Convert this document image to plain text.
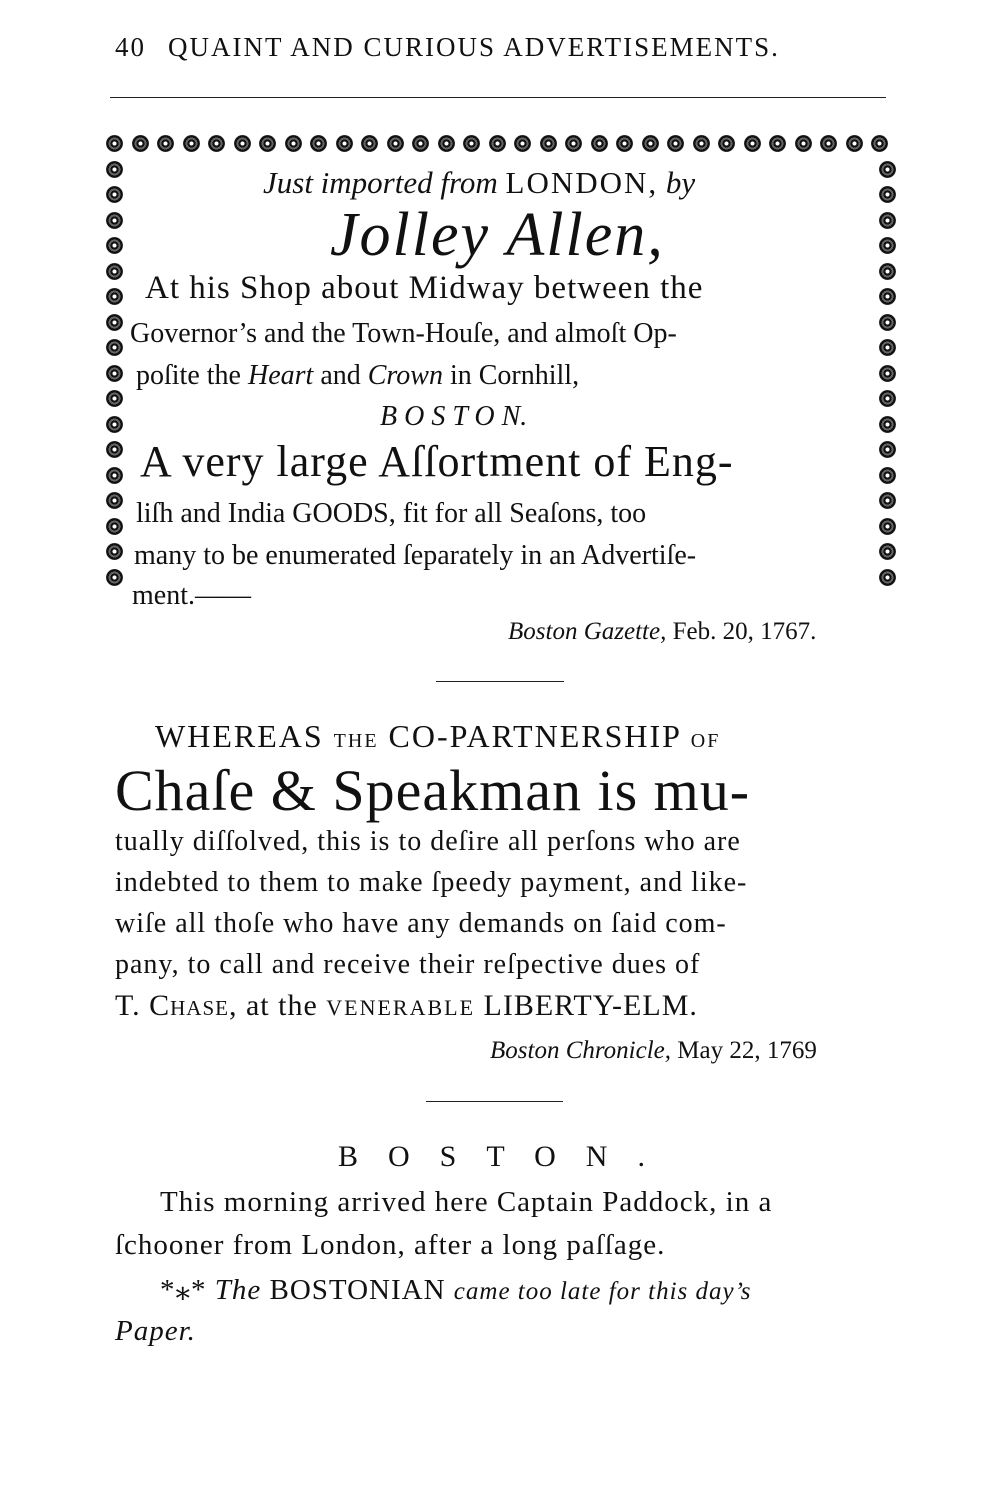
40 QUAINT AND CURIOUS ADVERTISEMENTS.
Just imported from LONDON, by
Jolley Allen,
At his Shop about Midway between the
Governor’s and the Town-Houſe, and almoſt Op-
poſite the Heart and Crown in Cornhill,
B O S T O N.
A very large Aſſortment of Eng-
liſh and India GOODS, fit for all Seaſons, too
many to be enumerated ſeparately in an Advertiſe-
ment.——
Boston Gazette, Feb. 20, 1767.
WHEREAS THE CO-PARTNERSHIP OF
Chaſe & Speakman is mu-
tually diſſolved, this is to deſire all perſons who are
indebted to them to make ſpeedy payment, and like-
wiſe all thoſe who have any demands on ſaid com-
pany, to call and receive their reſpective dues of
T. Chase, at the VENERABLE LIBERTY-ELM.
Boston Chronicle, May 22, 1769
BOSTON.
This morning arrived here Captain Paddock, in a
ſchooner from London, after a long paſſage.
*⁎* The BOSTONIAN came too late for this day’s
Paper.
